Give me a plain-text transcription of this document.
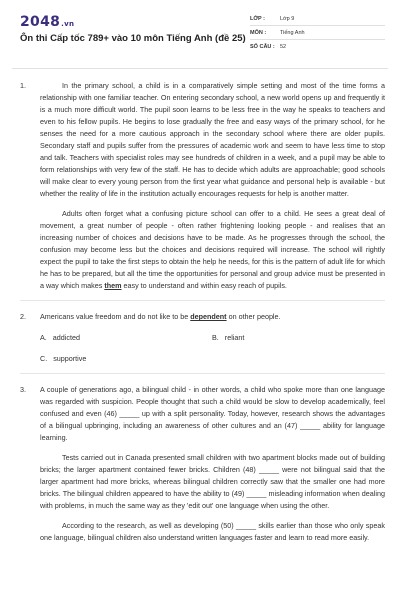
2048.vn
Ôn thi Cấp tốc 789+ vào 10 môn Tiếng Anh (đề 25)
LỚP :	Lớp 9
MÔN :	Tiếng Anh
SỐ CÂU : 52
1.	In the primary school, a child is in a comparatively simple setting and most of the time forms a relationship with one familiar teacher. On entering secondary school, a new world opens up and frequently it is a much more difficult world. The pupil soon learns to be less free in the way he speaks to teachers and even to his fellow pupils. He begins to lose gradually the free and easy ways of the primary school, for he senses the need for a more cautious approach in the secondary school where there are older pupils. Secondary staff and pupils suffer from the pressures of academic work and seem to have less time to stop and talk. Teachers with specialist roles may see hundreds of children in a week, and a pupil may be able to form relationships with very few of the staff. He has to decide which adults are approachable; good schools will make clear to every young person from the first year what guidance and personal help is available - but whether the reality of life in the institution actually encourages requests for help is another matter.

Adults often forget what a confusing picture school can offer to a child. He sees a great deal of movement, a great number of people - often rather frightening looking people - and realises that an increasing number of choices and decisions have to be made. As he progresses through the school, the confusion may become less but the choices and decisions required will increase. The school will rightly expect the pupil to take the first steps to obtain the help he needs, for this is the pattern of adult life for which he has to be prepared, but all the time the opportunities for personal and group advice must be presented in a way which makes them easy to understand and within easy reach of pupils.

2. Americans value freedom and do not like to be dependent on other people.

A. addicted	B. reliant
C. supportive
3. A couple of generations ago, a bilingual child - in other words, a child who spoke more than one language was regarded with suspicion. People thought that such a child would be slow to develop academically, feel confused and even (46) _____ up with a split personality. Today, however, research shows the advantages of a bilingual upbringing, including an awareness of other cultures and an (47) _____ ability for language learning.

Tests carried out in Canada presented small children with two apartment blocks made out of building bricks; the larger apartment contained fewer bricks. Children (48) _____ were not bilingual said that the larger apartment had more bricks, whereas bilingual children correctly saw that the smaller one had more bricks. The bilingual children appeared to have the ability to (49) _____ misleading information when dealing with problems, in much the same way as they 'edit out' one language when using the other.

According to the research, as well as developing (50) _____ skills earlier than those who only speak one language, bilingual children also understand written languages faster and learn to read more easily.
